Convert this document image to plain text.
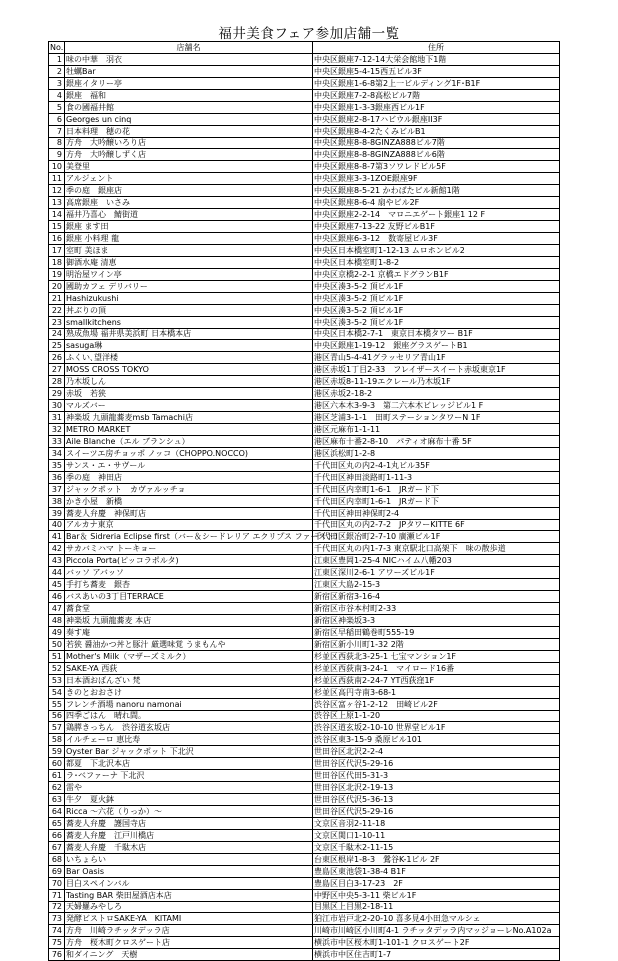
福井美食フェア参加店舗一覧
No.	店舗名	住所
1	味の中華　羽衣	中央区銀座7-12-14大栄会館地下1階
2	牡蠣Bar	中央区銀座5-4-15西五ビル3F
3	銀座イタリー亭	中央区銀座1-6-8第2上一ビルディング1F･B1F
4	銀座　福和	中央区銀座7-2-8高松ビル7階
5	食の國福井館	中央区銀座1-3-3銀座西ビル1F
6	Georges un cinq	中央区銀座2-8-17ハビウル銀座II3F
7	日本料理　穂の花	中央区銀座8-4-2たくみビルB1
8	方舟　大吟醸いろり店	中央区銀座8-8-8GINZA888ビル7階
9	方舟　大吟醸しずく店	中央区銀座8-8-8GINZA888ビル6階
10	美登里	中央区銀座8-8-7第3ソワレドビル5F
11	アルジェント	中央区銀座3-3-1ZOE銀座9F
12	季の庭　銀座店	中央区銀座8-5-21 かわばたビル新館1階
13	高席銀座　いさみ	中央区銀座8-6-4 扇やビル2F
14	福井乃喜心　鯖街道	中央区銀座2-2-14　マロニエゲート銀座1 12 F
15	銀座 ます田	中央区銀座7-13-22 友野ビルB1F
16	銀座 小料理 龍	中央区銀座6-3-12　数寄屋ビル3F
17	室町 美ほま	中央区日本橋室町1-12-13 ムロホンビル2
18	御酒水庵 清恵	中央区日本橋室町1-8-2
19	明治屋ワイン亭	中央区京橋2-2-1 京橋エドグランB1F
20	國助カフェ デリバリー	中央区湊3-5-2 頂ビル1F
21	Hashizukushi	中央区湊3-5-2 頂ビル1F
22	丼ぶりの頂	中央区湊3-5-2 頂ビル1F
23	smallkitchens	中央区湊3-5-2 頂ビル1F
24	熟成魚場 福井県美浜町 日本橋本店	中央区日本橋2-7-1　東京日本橋タワー B1F
25	sasuga琳	中央区銀座1-19-12　銀座グラスゲートB1
26	ふくい､望洋楼	港区青山5-4-41グラッセリア青山1F
27	MOSS CROSS TOKYO	港区赤坂1丁目2-33　フレイザースイート赤坂東京1F
28	乃木坂しん	港区赤坂8-11-19エクレール乃木坂1F
29	赤坂　若狭	港区赤坂2-18-2
30	マルズバー	港区六本木3-9-3　第二六本木ビレッジビル1 F
31	神楽坂 九頭龍蕎麦msb Tamachi店	港区芝浦3-1-1　田町ステーションタワーN 1F
32	METRO MARKET	港区元麻布1-1-11
33	Aile Blanche（エル ブランシュ）	港区麻布十番2-8-10　パティオ麻布十番 5F
34	スイーツエ房チョッポ ノッコ（CHOPPO.NOCCO)	港区浜松町1-2-8
35	サンス・エ・サヴール	千代田区丸の内2-4-1丸ビル35F
36	季の庭　神田店	千代田区神田淡路町1-11-3
37	ジャックポット　カヴァルッチョ	千代田区内幸町1-6-1　JRガード下
38	かき小屋　新橋	千代田区内幸町1-6-1　JRガード下
39	蕎麦人弁慶　神保町店	千代田区神田神保町2-4
40	アルカナ東京	千代田区丸の内2-7-2　JPタワーKITTE 6F
41	Bar＆ Sidreria Eclipse first（バー＆シードレリア エクリプス ファースト）	千代田区銀冶町2-7-10 廣瀬ビル1F
42	サカバミハマ トーキョー	千代田区丸の内1-7-3 東京駅北口高架下　味の散歩道
43	Piccola Porta(ピッコラポルタ)	江東区豊岡1-25-4 NICハイム八幡203
44	バッソ アバッソ	江東区深川2-6-1 アワーズビル1F
45	手打ち蕎麦　銀杏	江東区大島2-15-3
46	バスあいの3丁目TERRACE	新宿区新宿3-16-4
47	蕎食堂	新宿区市谷本村町2-33
48	神楽坂 九頭龍蕎麦 本店	新宿区神楽坂3-3
49	奏す庵	新宿区早稲田鶴巻町555-19
50	若狭 醤油かつ丼と豚汁 厳選味覚 うまもんや	新宿区新小川町1-32 2階
51	Mother's Milk（マザーズミルク）	杉並区西荻北3-25-1 七宝マンション1F
52	SAKE-YA 西荻	杉並区西荻南3-24-1　マイロード16番
53	日本酒おばんざい 梵	杉並区西荻南2-24-7 YT西荻窪1F
54	きのとおおさけ	杉並区高円寺南3-68-1
55	フレンチ酒場 nanoru namonai	渋谷区富ヶ谷1-2-12　田崎ビル2F
56	四季ごはん　晴れ間。	渋谷区上原1-1-20
57	鶏膵きっちん　渋谷道玄坂店	渋谷区道玄坂2-10-10 世界堂ビル1F
58	イルチェーロ 恵比寿	渋谷区東3-15-9 桑原ビル101
59	Oyster Bar ジャックポット 下北沢	世田谷区北沢2-2-4
60	都夏　下北沢本店	世田谷区代沢5-29-16
61	ラ･ベファーナ 下北沢	世田谷区代田5-31-3
62	雷や	世田谷区北沢2-19-13
63	牛夕　夏火鉢	世田谷区代沢5-36-13
64	Ricca ～六花（りっか）～	世田谷区代沢5-29-16
65	蕎麦人弁慶　護国寺店	文京区音羽2-11-18
66	蕎麦人弁慶　江戸川橋店	文京区関口1-10-11
67	蕎麦人弁慶　千駄木店	文京区千駄木2-11-15
68	いちょらい	台東区根岸1-8-3　鶯谷K-1ビル 2F
69	Bar Oasis	豊島区東池袋1-38-4 B1F
70	目白スペインバル	豊島区目白3-17-23　2F
71	Tasting BAR 柴田屋酒店本店	中野区中央5-3-11 柴ビル1F
72	天婦羅みやしろ	目黒区上目黒2-18-11
73	発酵ビストロSAKE-YA　KITAMI	狛江市岩戸北2-20-10 喜多見4小田急マルシェ
74	方舟　川崎ラチッタデッラ店	川崎市川崎区小川町4-1 ラチッタデッラ内マッジョーレNo.A102a
75	方舟　桜木町クロスゲート店	横浜市中区桜木町1-101-1 クロスゲート2F
76	和ダイニング　天樹	横浜市中区住吉町1-7
